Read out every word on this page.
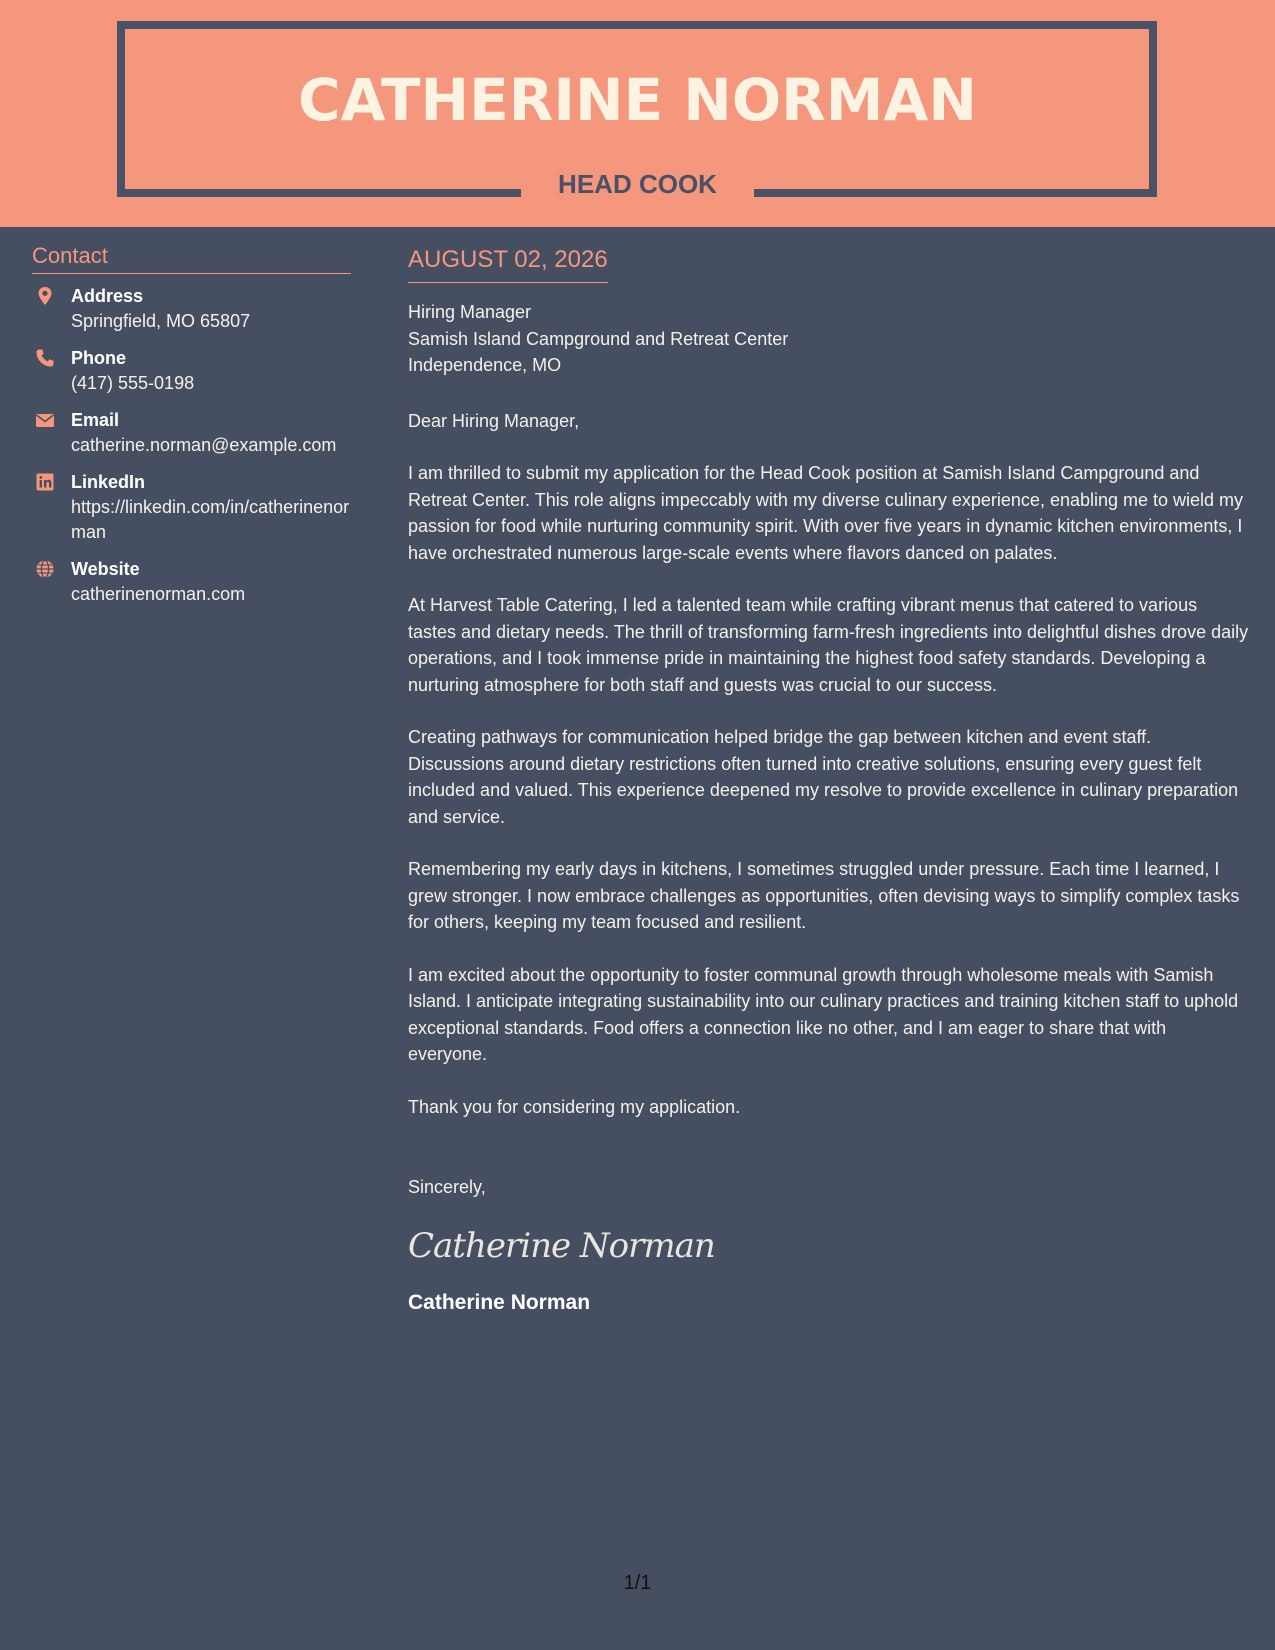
CATHERINE NORMAN
HEAD COOK
Contact
Address
Springfield, MO 65807
Phone
(417) 555-0198
Email
catherine.norman@example.com
LinkedIn
https://linkedin.com/in/catherinenorman
Website
catherinenorman.com
AUGUST 02, 2026
Hiring Manager
Samish Island Campground and Retreat Center
Independence, MO
Dear Hiring Manager,
I am thrilled to submit my application for the Head Cook position at Samish Island Campground and Retreat Center. This role aligns impeccably with my diverse culinary experience, enabling me to wield my passion for food while nurturing community spirit. With over five years in dynamic kitchen environments, I have orchestrated numerous large-scale events where flavors danced on palates.
At Harvest Table Catering, I led a talented team while crafting vibrant menus that catered to various tastes and dietary needs. The thrill of transforming farm-fresh ingredients into delightful dishes drove daily operations, and I took immense pride in maintaining the highest food safety standards. Developing a nurturing atmosphere for both staff and guests was crucial to our success.
Creating pathways for communication helped bridge the gap between kitchen and event staff. Discussions around dietary restrictions often turned into creative solutions, ensuring every guest felt included and valued. This experience deepened my resolve to provide excellence in culinary preparation and service.
Remembering my early days in kitchens, I sometimes struggled under pressure. Each time I learned, I grew stronger. I now embrace challenges as opportunities, often devising ways to simplify complex tasks for others, keeping my team focused and resilient.
I am excited about the opportunity to foster communal growth through wholesome meals with Samish Island. I anticipate integrating sustainability into our culinary practices and training kitchen staff to uphold exceptional standards. Food offers a connection like no other, and I am eager to share that with everyone.
Thank you for considering my application.
Sincerely,
Catherine Norman
Catherine Norman
1/1
